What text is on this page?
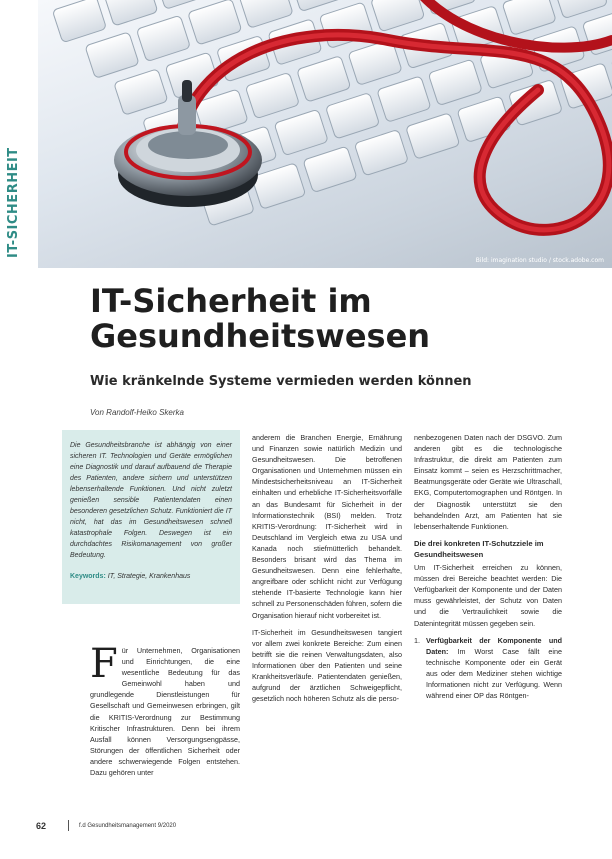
IT-SICHERHEIT
Bild: imagination studio / stock.adobe.com
IT-Sicherheit im
Gesundheitswesen
Wie kränkelnde Systeme vermieden werden können
Von Randolf-Heiko Skerka

Die Gesundheitsbranche ist abhängig von einer sicheren IT. Technologien und Geräte ermöglichen eine Diagnostik und darauf aufbauend die Therapie des Patienten, andere sichern und unterstützen lebenserhaltende Funktionen. Und nicht zuletzt genießen sensible Patientendaten einen besonderen gesetzlichen Schutz. Funktioniert die IT nicht, hat das im Gesundheitswesen schnell katastrophale Folgen. Deswegen ist ein durchdachtes Risikomanagement von großer Bedeutung.

Keywords: IT, Strategie, Krankenhaus

F ür Unternehmen, Organisationen und Einrichtungen, die eine wesentliche Bedeutung für das Gemeinwohl haben und grundlegende Dienstleistungen für Gesellschaft und Gemeinwesen erbringen, gilt die KRITIS-Verordnung zur Bestimmung Kritischer Infrastrukturen. Denn bei ihrem Ausfall können Versorgungsengpässe, Störungen der öffentlichen Sicherheit oder andere schwerwiegende Folgen entstehen. Dazu gehören unter

anderem die Branchen Energie, Ernährung und Finanzen sowie natürlich Medizin und Gesundheitswesen. Die betroffenen Organisationen und Unternehmen müssen ein Mindestsicherheitsniveau an IT-Sicherheit einhalten und erhebliche IT-Sicherheitsvorfälle an das Bundesamt für Sicherheit in der Informationstechnik (BSI) melden. Trotz KRITIS-Verordnung: IT-Sicherheit wird in Deutschland im Vergleich etwa zu USA und Kanada noch stiefmütterlich behandelt. Besonders brisant wird das Thema im Gesundheitswesen. Denn eine fehlerhafte, angreifbare oder schlicht nicht zur Verfügung stehende IT-basierte Technologie kann hier schnell zu Personenschäden führen, sofern die Organisation hierauf nicht vorbereitet ist.

IT-Sicherheit im Gesundheitswesen tangiert vor allem zwei konkrete Bereiche: Zum einen betrifft sie die reinen Verwaltungsdaten, also Informationen über den Patienten und seine Krankheitsverläufe. Patientendaten genießen, aufgrund der ärztlichen Schweigepflicht, gesetzlich noch höheren Schutz als die perso-

nenbezogenen Daten nach der DSGVO. Zum anderen gibt es die technologische Infrastruktur, die direkt am Patienten zum Einsatz kommt – seien es Herzschrittmacher, Beatmungsgeräte oder Geräte wie Ultraschall, EKG, Computertomographen und Röntgen. In der Diagnostik unterstützt sie den behandelnden Arzt, am Patienten hat sie lebenserhaltende Funktionen.

Die drei konkreten IT-Schutzziele im Gesundheitswesen

Um IT-Sicherheit erreichen zu können, müssen drei Bereiche beachtet werden: Die Verfügbarkeit der Komponente und der Daten muss gewährleistet, der Schutz von Daten und die Vertraulichkeit sowie die Datenintegrität müssen gegeben sein.

1. Verfügbarkeit der Komponente und Daten: Im Worst Case fällt eine technische Komponente oder ein Gerät aus oder dem Mediziner stehen wichtige Informationen nicht zur Verfügung. Wenn während einer OP das Röntgen-
62	f.d Gesundheitsmanagement 9/2020
